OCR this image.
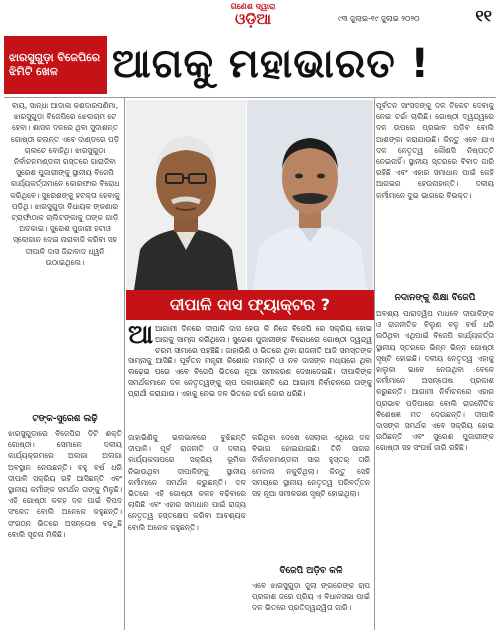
ଗଣେଶ ଦ୍ୱାରା
ଓଡ଼ିଆ	୯୩ ଜୁଲାଇ-୧୯ ଜୁଲାଇ ୨୦୨୦	୧୧
ଝାରସୁଗୁଡ଼ା ବିଜେପିରେ ଝିମିଟି ଖେଳ	ଆଗକୁ ମହାଭାରତ !

ବାୟ, ସାନ୍ଧା ଆଦାଳା କଶଦାରପଣିମା, ଝାରସୁଗୁଡ଼ା ବିଜେପିରେ ଝେଲଚାମ ଟେ ହେବା। ଶାସକ ଦଳରେ ଥିବା ସୁଦାଶନ୍ତ ଗୋଷ୍ଠୀ କଲନ୍ତ ଏବେ ଦାଣ୍ଡରେ ପଡ଼ି ଚାଲଚେ ବୋହିଥି। ଝାରସୁଗୁଡ଼ା ନିର୍ବାଚନମଣ୍ଡଳୀ ଗସ୍ତରେ ଗାରାଜିବା ସୁରେଶ ପୁଜାରୀଙ୍କୁ ସ୍ଥାନୀୟ ବିଜେପି କାର୍ଯ୍ୟକର୍ତ୍ତାମାନେ କୋରଫାର ବିରୋଧ କରିଥିବେ। ସୁରେଶଙ୍କୁ ହଟକ୍ତା ହେବାକୁ ପଡ଼ିଥି। ଝାରସୁଗୁଡ଼ା ବିଧାୟକ ଙ୍କଣାର ଟ୍ରାଫାଁଠାକ ଚାଲିଟଙ୍କାକୁ ତାଙ୍କ ଗାଡ଼ି ଅଚକାଇ। ସୁରେଶ ପୁଜାରୀ ହଟାଓ ସ୍ଲୋଗାନ ଦେଇ ନାରାବାଜି କରିବା ସହ ଦୀପାଳି ଦାସ ଜିନ୍ଦାବାଦ ଧ୍ୱନି ଉଠାଇଥିଲେ।

ଟଙ୍କ-ସୁରେଶ ଲଢ଼ି

ଝାରସୁଗୁଡ଼ାରେ ବିଜେପିର ଦିଟି ଶକ୍ତି ଗୋଷ୍ଠୀ। ସେମାନେ ଦଳୀୟ କାର୍ଯ୍ୟକ୍ରମରେ ଅଲଗା ଅଲଗା ଅବସ୍ଥାନ ନେଉଛନ୍ତି। ବହୁ ବର୍ଷ ଧରି ଦୀପାଳି ସକ୍ରିୟ ରହି ଆସିଛନ୍ତି ଏବଂ ସ୍ଥାନୀୟ କର୍ମୀଙ୍କ ସମର୍ଥନ ତାଙ୍କୁ ମିଳୁଛି। ଏହି ଗୋଷ୍ଠୀ କଳହ ଦଳ ପାଇଁ ବିପଦ ସଂକେତ ବୋଲି ଅନେକେ କହୁଛନ୍ତି। ସଂଗଠନ ଭିତରେ ଅସନ୍ତୋଷ ବଢ଼ୁଛି ବୋଲି ସୂଚନା ମିଳିଛି।

ଦୀପାଳି ଦାସ ଫ୍ୟାକ୍ଟର ?
ଆ ଆଗାମୀ ଦିନରେ ଦୀପାଳି ଦାସ ହେଉ କି ନିଜେ ବିଜେପି ରେ ସକ୍ରିୟ ହୋଇ ଆଗକୁ ସାମ୍ନା କରିଥିଲେ। ସୁରେଶ ପୁଜାରୀଙ୍କ ବିରୋଧରେ ଗୋଷ୍ଠୀ ଦ୍ୱନ୍ଦ୍ୱ ଚରମ ସୀମାରେ ପହଞ୍ଚିଛି। ଜାହାଭିଣି ଓ ଭିତରେ ଥିବା ରାଜନୀତି ଆଜି ସମସ୍ତଙ୍କ ସାମ୍ନାକୁ ଆସିଛି। ପୂର୍ବତନ ମନ୍ତ୍ରୀ କିଶୋର ମହାନ୍ତି ଓ ନବ ଦାସଙ୍କ ମଧ୍ୟରେ ଥିବା ଲଢ଼େଇ ପରେ ଏବେ ବିଜେପି ଭିତରେ ନୂଆ ସମୀକରଣ ଦେଖାଦେଇଛି। ଦୀପାଳିଙ୍କ ସମର୍ଥକମାନେ ଦଳ ନେତୃତ୍ୱଙ୍କୁ ଚାପ ପକାଉଛନ୍ତି ଯେ ଆଗାମୀ ନିର୍ବାଚନରେ ତାଙ୍କୁ ପ୍ରାର୍ଥୀ କରାଯାଉ। ଏହାକୁ ନେଇ ଦଳ ଭିତରେ ଚର୍ଚ୍ଚା ଜୋର ଧରିଛି।

ଜାହାଭିଣିକୁ ଭଲଭାବରେ ବୁଝିଛନ୍ତି ଦୀପାଳି। ପୂର୍ବ ରାଜନୀତି ଓ ଦଳୀୟ କାର୍ଯ୍ୟକଳାପରେ ସକ୍ରିୟ ଭୂମିକା ନିଭାଉଥିବା ଦୀପାଳିଙ୍କୁ ସ୍ଥାନୀୟ କର୍ମୀମାନେ ସମର୍ଥନ କରୁଛନ୍ତି। ଦଳ ଭିତରେ ଏହି ଗୋଷ୍ଠୀ କଳହ ବଢ଼ିବାରେ ଲାଗିଛି ଏବଂ ଏହାର ସମାଧାନ ପାଇଁ ରାଜ୍ୟ ନେତୃତ୍ୱ ହସ୍ତକ୍ଷେପ କରିବା ଆବଶ୍ୟକ ବୋଲି ଅନେକ କହୁଛନ୍ତି।

କରିଥିବା ଦେଖେ ସେଲାକା ଏଥିରେ ଦଳ ବିଭାଗ ହୋଇଯାଇଛି। ତିନି ସାଗର ନିର୍ବାଚନମଣ୍ଡଳୀ ସାର ହୁସ୍ତର୍ ତାରି ମେଦାଲ ନକୁଚିଥିଲା। କିନ୍ତୁ ସେହି ସମୟରେ ସ୍ଥାନୀୟ ନେତୃତ୍ୱ ପରିବର୍ତ୍ତନ ସହ ନୂଆ ସମୀକରଣ ସୃଷ୍ଟି ହୋଇଥିଲା।

ବିଜେପି ଅଡ଼ିବ କଳି

ଏବେ ଝାରସୁଗୁଡ଼ା ଜୁଲା ଙ୍ଗରେଙ୍କ ଚାପ ପ୍ରକାଶ ଜରେ ପ୍ରିୟ ଏ ବିଧାନସଭା ପାଇଁ ଦଳ ଭିତରେ ପ୍ରତିଦ୍ୱନ୍ଦ୍ୱିତା ଜାରି।

ପୂର୍ବତନ ସାଂସଦଙ୍କୁ ଦଳ ଟିକେଟ ଦେବାକୁ ନେଇ ଚର୍ଚ୍ଚା ଚାଲିଛି। ଗୋଷ୍ଠୀ ଦ୍ୱନ୍ଦ୍ୱରେ ଦଳ ଉପରେ ପ୍ରଭାବ ପଡ଼ିବ ବୋଲି ଆଶଙ୍କା କରାଯାଉଛି। କିନ୍ତୁ ଏବେ ଯାଏ ଦଳ ନେତୃତ୍ୱ କୌଣସି ନିଷ୍ପତ୍ତି ନେଇନାହିଁ। ସ୍ଥାନୀୟ ସ୍ତରରେ ବିବାଦ ଜାରି ରହିଛି ଏବଂ ଏହାର ସମାଧାନ ପାଇଁ କେହି ଆଗଭର ହେଉନାହାନ୍ତି। ଦଳୀୟ କର୍ମୀମାନେ ଦୁଇ ଭାଗରେ ବିଭକ୍ତ।

ନଦାନଙ୍କୁ ଶିକ୍ଷା ବିଜେପି

ଅବଶ୍ୟ ପାରାଦ୍ୱିପ ମାଧବେ ଦୀପାଳିଙ୍କ ଓ ରାଜନୀତିକ ବିଲୁଣ ବଳୁ ବର୍ଷ ଧରି ଉଠିଥିବା ଏଥିପାଇଁ ବିଜେପି କାର୍ଯ୍ୟକର୍ତ୍ତା ସ୍ଥାନୀୟ ସ୍ତରରେ ଭିନ୍ନ ଭିନ୍ନ ଗୋଷ୍ଠୀ ସୃଷ୍ଟି ହୋଇଛି। ଦଳୀୟ ନେତୃତ୍ୱ ଏହାକୁ ହାଲୁକା ଭାବେ ନେଉଥିବା ବେଳେ କର୍ମୀମାନେ ଅସନ୍ତୋଷ ପ୍ରକାଶ କରୁଛନ୍ତି। ଆଗାମୀ ନିର୍ବାଚନରେ ଏହାର ପ୍ରଭାବ ପଡ଼ିପାରେ ବୋଲି ରାଜନୈତିକ ବିଶେଷଜ୍ଞ ମତ ଦେଉଛନ୍ତି। ଦୀପାଳି ଦାସଙ୍କ ସମର୍ଥକ ଏବେ ସକ୍ରିୟ ହୋଇ ଉଠିଛନ୍ତି ଏବଂ ସୁରେଶ ପୁଜାରୀଙ୍କ ଗୋଷ୍ଠୀ ସହ ସଂଘର୍ଷ ଜାରି ରହିଛି।
